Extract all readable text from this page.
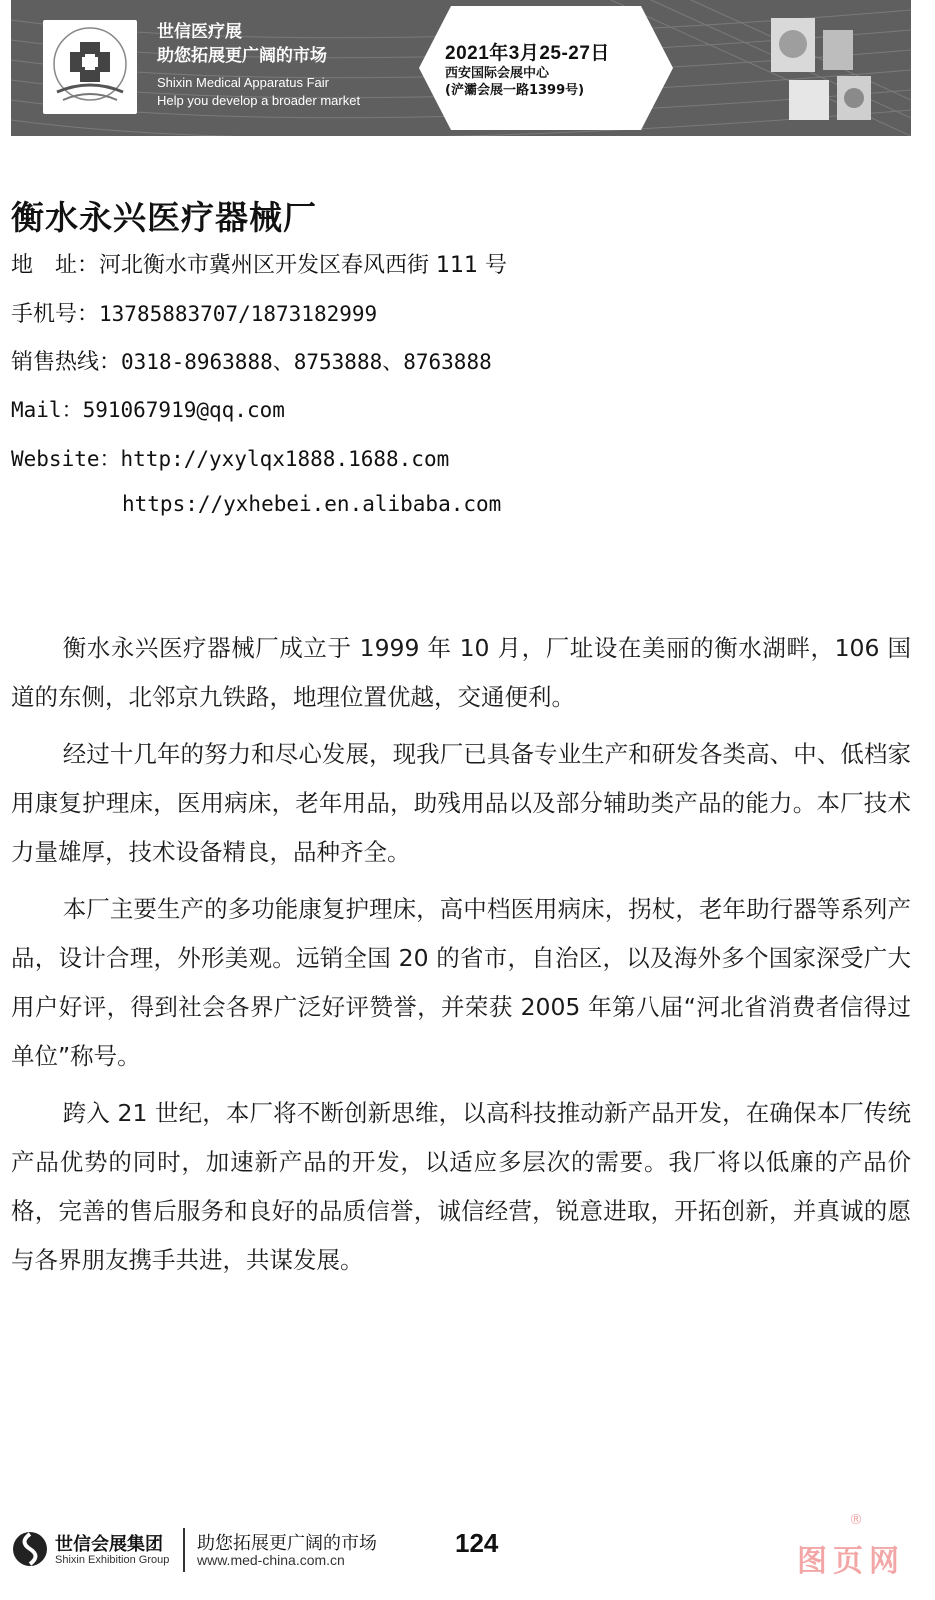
世信医疗展
助您拓展更广阔的市场
Shixin Medical Apparatus Fair
Help you develop a broader market
2021年3月25-27日
西安国际会展中心
(浐灞会展一路1399号)
衡水永兴医疗器械厂
地　址：河北衡水市冀州区开发区春风西街 111 号
手机号：13785883707/1873182999
销售热线：0318-8963888、8753888、8763888
Mail：591067919@qq.com
Website：http://yxylqx1888.1688.com
https://yxhebei.en.alibaba.com

衡水永兴医疗器械厂成立于 1999 年 10 月，厂址设在美丽的衡水湖畔，106 国道的东侧，北邻京九铁路，地理位置优越，交通便利。

经过十几年的努力和尽心发展，现我厂已具备专业生产和研发各类高、中、低档家用康复护理床，医用病床，老年用品，助残用品以及部分辅助类产品的能力。本厂技术力量雄厚，技术设备精良，品种齐全。

本厂主要生产的多功能康复护理床，高中档医用病床，拐杖，老年助行器等系列产品，设计合理，外形美观。远销全国 20 的省市，自治区，以及海外多个国家深受广大用户好评，得到社会各界广泛好评赞誉，并荣获 2005 年第八届“河北省消费者信得过单位”称号。

跨入 21 世纪，本厂将不断创新思维，以高科技推动新产品开发，在确保本厂传统产品优势的同时，加速新产品的开发，以适应多层次的需要。我厂将以低廉的产品价格，完善的售后服务和良好的品质信誉，诚信经营，锐意进取，开拓创新，并真诚的愿与各界朋友携手共进，共谋发展。

世信会展集团
Shixin Exhibition Group
助您拓展更广阔的市场
www.med-china.com.cn
124
®
图页网
